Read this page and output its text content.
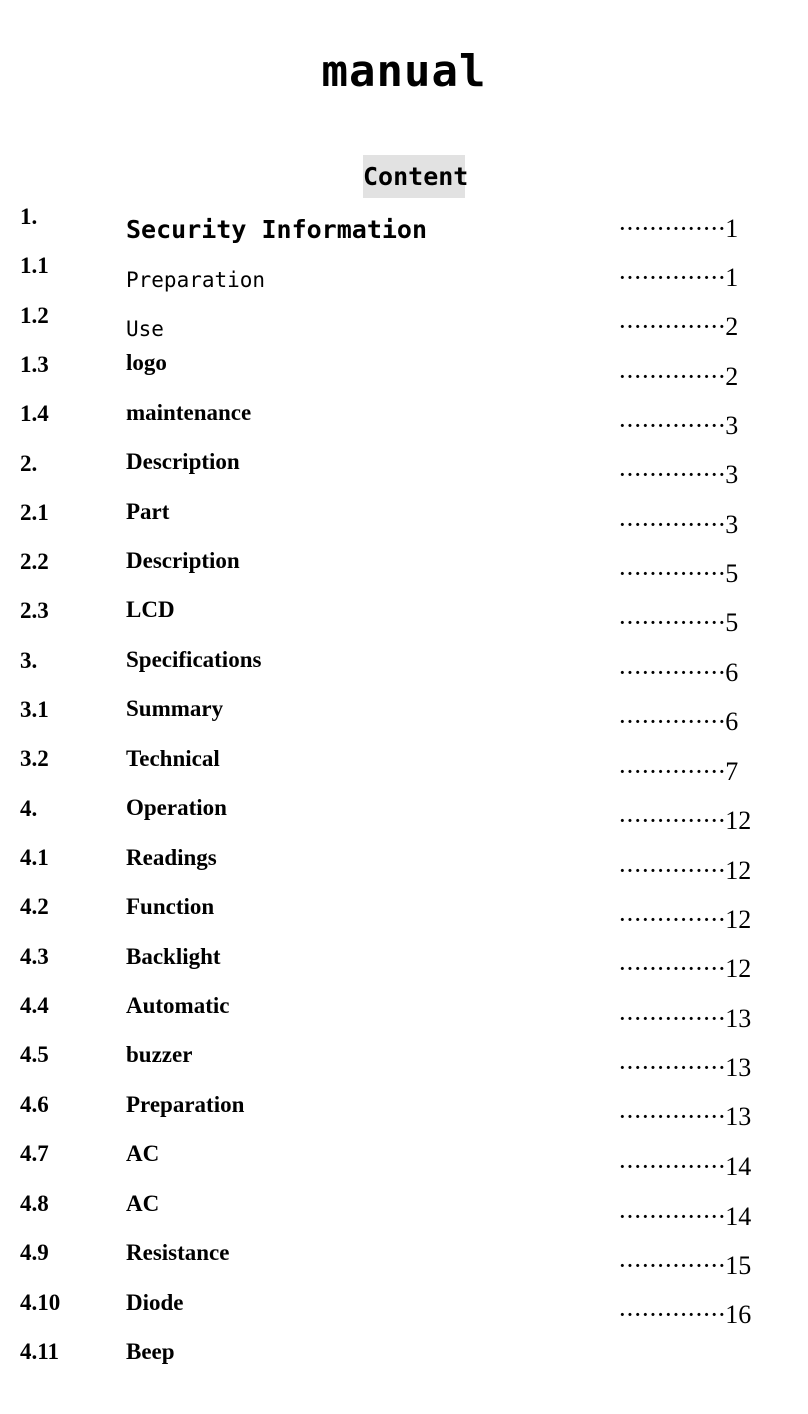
manual
Content
1.
1.1
1.2
1.3
1.4
2.
2.1
2.2
2.3
3.
3.1
3.2
4.
4.1
4.2
4.3
4.4
4.5
4.6
4.7
4.8
4.9
4.10
4.11
Security Information
Preparation
Use
logo
maintenance
Description
Part
Description
LCD
Specifications
Summary
Technical
Operation
Readings
Function
Backlight
Automatic
buzzer
Preparation
AC
AC
Resistance
Diode
Beep
··············1
··············1
··············2
··············2
··············3
··············3
··············3
··············5
··············5
··············6
··············6
··············7
··············12
··············12
··············12
··············12
··············13
··············13
··············13
··············14
··············14
··············15
··············16
